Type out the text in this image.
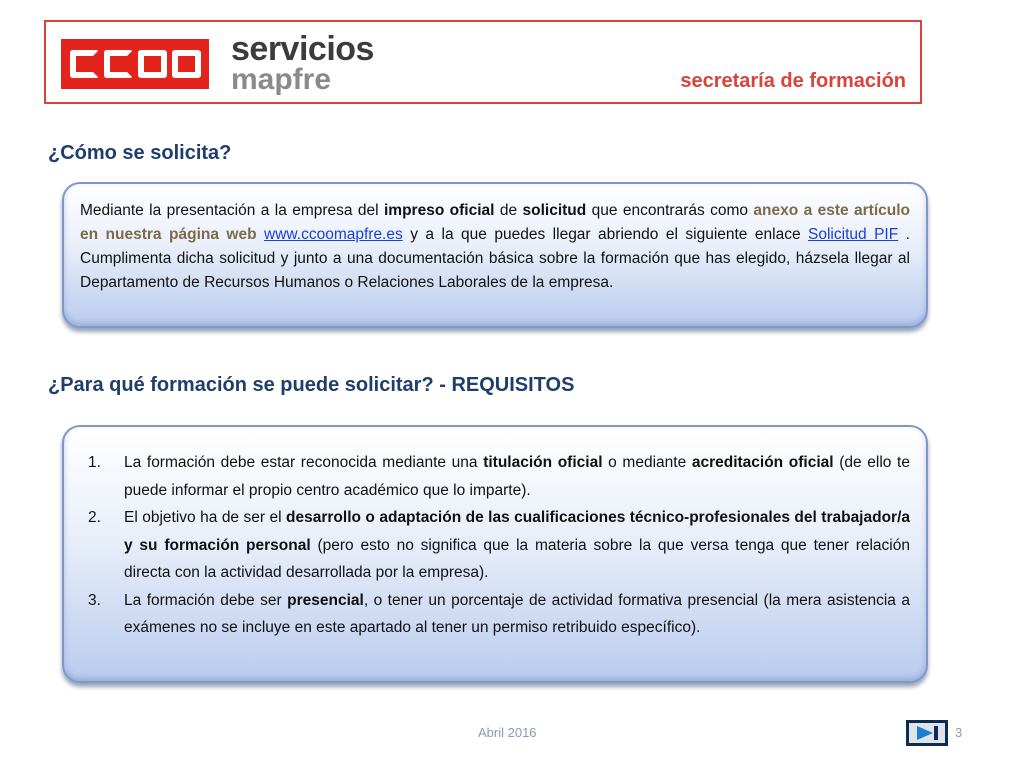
servicios
mapfre	secretaría de formación
¿Cómo se solicita?

Mediante la presentación a la empresa del impreso oficial de solicitud que encontrarás como anexo a este artículo en nuestra página web www.ccoomapfre.es y a la que puedes llegar abriendo el siguiente enlace Solicitud PIF . Cumplimenta dicha solicitud y junto a una documentación básica sobre la formación que has elegido, házsela llegar al Departamento de Recursos Humanos o Relaciones Laborales de la empresa.

¿Para qué formación se puede solicitar? - REQUISITOS
1.	La formación debe estar reconocida mediante una titulación oficial o mediante acreditación oficial (de ello te puede informar el propio centro académico que lo imparte).
2.	El objetivo ha de ser el desarrollo o adaptación de las cualificaciones técnico-profesionales del trabajador/a y su formación personal (pero esto no significa que la materia sobre la que versa tenga que tener relación directa con la actividad desarrollada por la empresa).
3.	La formación debe ser presencial, o tener un porcentaje de actividad formativa presencial (la mera asistencia a exámenes no se incluye en este apartado al tener un permiso retribuido específico).
Abril 2016	3
